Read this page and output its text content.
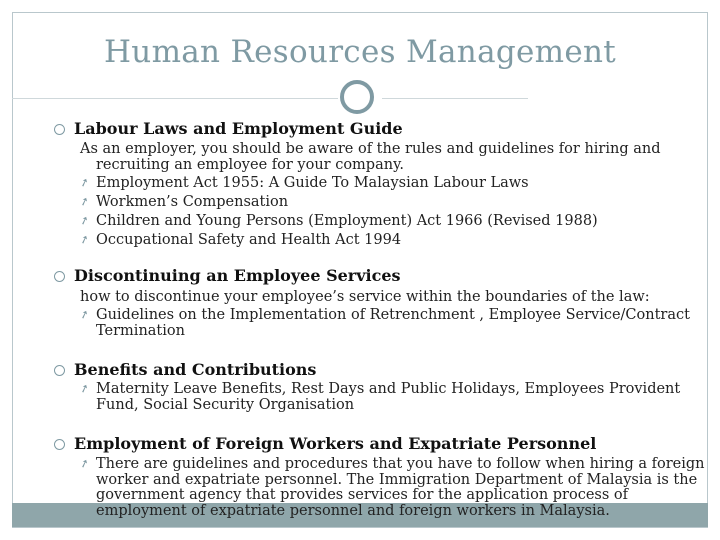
Human Resources Management
Labour Laws and Employment Guide
As an employer, you should be aware of the rules and guidelines for hiring and
recruiting an employee for your company.
➚ Employment Act 1955: A Guide To Malaysian Labour Laws
➚ Workmen’s Compensation
➚ Children and Young Persons (Employment) Act 1966 (Revised 1988)
➚ Occupational Safety and Health Act 1994
Discontinuing an Employee Services
how to discontinue your employee’s service within the boundaries of the law:
➚ Guidelines on the Implementation of Retrenchment , Employee Service/Contract
Termination
Benefits and Contributions
➚ Maternity Leave Benefits, Rest Days and Public Holidays, Employees Provident
Fund, Social Security Organisation
Employment of Foreign Workers and Expatriate Personnel
➚ There are guidelines and procedures that you have to follow when hiring a foreign
worker and expatriate personnel. The Immigration Department of Malaysia is the
government agency that provides services for the application process of
employment of expatriate personnel and foreign workers in Malaysia.
